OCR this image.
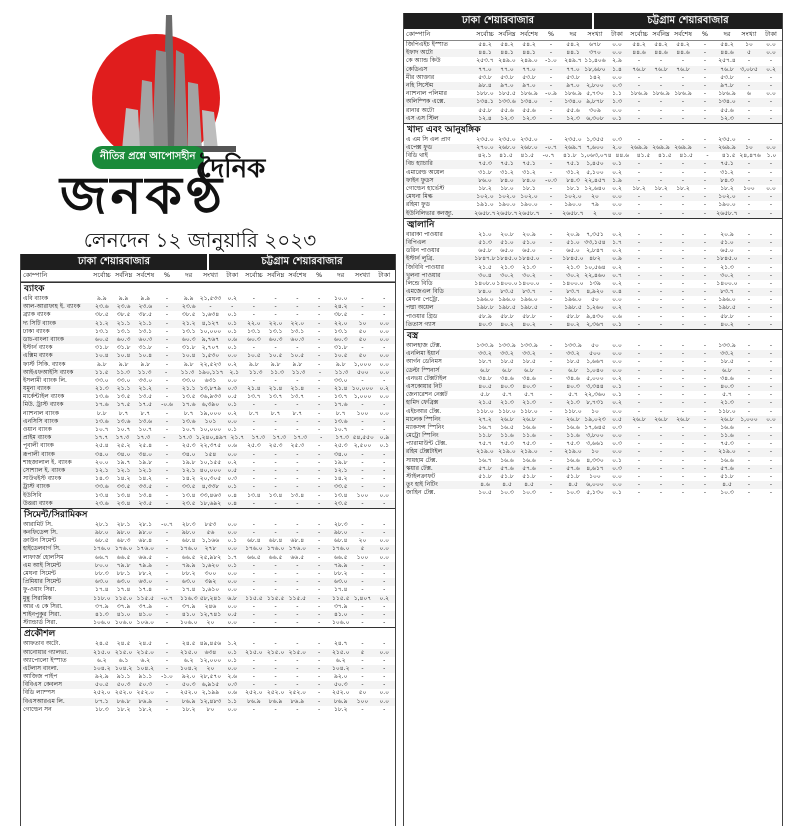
নীতির প্রশ্নে আপোসহীন দৈনিক
জনকণ্ঠ
লেনদেন ১২ জানুয়ারি ২০২৩
ঢাকা শেয়ারবাজার	চট্টগ্রাম শেয়ারবাজার
কোম্পানি	সর্বোচ্চ সর্বনিম্ন সর্বশেষ	%	দর	সংখ্যা	টাকা	সর্বোচ্চ সর্বনিম্ন সর্বশেষ	%	দর	সংখ্যা	টাকা
ব্যাংক
এবি ব্যাংক	৯.৯	৯.৯	৯.৯	-	৯.৯	২১,৫৩৩	০.২	-	-	-	-	১০.০	-	-
আল-আরাফাহ ই. ব্যাংক	২৩.৬	২৩.৬	২৩.৬	-	২৩.৬	-	-	-	-	-	-	২৪.২	-	-
ব্র্যাক ব্যাংক	৩৮.৫	৩৮.৫	৩৮.৫	-	৩৮.৫	১,৬৩৪	০.১	-	-	-	-	৩৮.৫	-	-
দ্য সিটি ব্যাংক	২১.২	২১.১	২১.১	-	২১.২	৪,১২৭	০.১	২২.০	২২.০	২২.০	-	২২.০	১০	০.০
ঢাকা ব্যাংক	১৩.১	১৩.১	১৩.১	-	১৩.১ ১০,০০০	০.১	১৩.১	১৩.১	১৩.১	-	১৩.১	৫০	০.০
ডাচ-বাংলা ব্যাংক	৬০.৫	৬০.৩	৬০.৩	-	৬০.৩	৯,৭৬৭	০.৬	৬০.৩	৬০.৩	৬০.৩	-	৬০.৩	৫০	০.০
ইস্টার্ন ব্যাংক	৩১.৮	৩১.৮	৩১.৮	-	৩১.৮	২,৭০৭	০.১	-	-	-	-	৩১.৮	-	-
এক্সিম ব্যাংক	১০.৪	১০.৪	১০.৪	-	১০.৪	১,৫৩০	০.০	১০.৫	১০.৫	১০.৫	-	১০.৫	৫০	০.০
ফার্স্ট সিকি. ব্যাংক	৯.৮	৯.৮	৯.৮	-	৯.৮	২২,৫২৩	০.২	৯.৮	৯.৮	৯.৮	-	৯.৮	১,০০০	০.০
আইএফআইসি ব্যাংক	১১.৫	১১.৩	১১.৩	-	১১.৩ ১৯০,১১৭ ২.১	১১.৩	১১.৩	১১.৩	-	১১.৩	৫০০	০.০
ইসলামী ব্যাংক লি.	৩৩.০	৩৩.০	৩৩.০	-	৩৩.০	৬৩১	০.০	-	-	-	-	৩৩.০	-	-
যমুনা ব্যাংক	২১.৩	২১.১	২১.২	-	২১.১ ১৩,৮৭৯	০.৩	২১.৪	২১.৪	২১.৪	-	২১.৪ ১০,০০০	০.২
মার্কেন্টাইল ব্যাংক	১৩.৬	১৩.৫	১৩.৫	-	১৩.৫ ৩৬,৯৩৩	০.৫	১৩.৭	১৩.৭	১৩.৭	-	১৩.৭	১,০০০	০.০
মিউ. ট্রাস্ট ব্যাংক	১৭.৬	১৭.৫	১৭.৫	-০.৬	১৭.৬	৬,৩৯০	০.১	-	-	-	-	১৭.৬	-	-
ন্যাশনাল ব্যাংক	৮.৮	৮.৭	৮.৭	-	৮.৭	১৯,০০০	০.২	৮.৭	৮.৭	৮.৭	-	৮.৭	১০০	০.০
এনসিসি ব্যাংক	১৩.৬	১৩.৬	১৩.৬	-	১৩.৬	১০১	০.০	-	-	-	-	১৩.৬	-	-
ওয়ান ব্যাংক	১০.৭	১০.৭	১০.৭	-	১০.৭ ১০,০০০	০.১	-	-	-	-	১০.৭	-	-
প্রাইম ব্যাংক	১৭.৭	১৭.৩	১৭.৩	-	১৭.৩ ১,২৪০,৪৯৭ ২১.৭	১৭.৩	১৭.৩	১৭.৩	-	১৭.৩ ৫৪,৫৫০ ০.৯
পূবালী ব্যাংক	২৫.৪	২৫.২	২৫.৪	-	২৫.৩ ২২,৩৭৫	০.৬	২৫.৩	২৫.৩	২৫.৩	-	২৫.৩	২,৫০০	০.১
রূপালী ব্যাংক	৩৪.০	৩৪.০	৩৪.০	-	৩৪.০	১৫৪	০.০	-	-	-	-	৩৪.০	-	-
শাহজালাল ই. ব্যাংক	২০.০	১৯.৭	১৯.৮	-	১৯.৮ ১০,১৫৫	০.২	-	-	-	-	১৯.৮	-	-
সোশ্যাল ই. ব্যাংক	১২.১	১২.১	১২.১	-	১২.১ ৪০,০০০	০.৫	-	-	-	-	১২.১	-	-
সাউথইস্ট ব্যাংক	১৪.৩	১৪.২	১৪.২	-	১৪.২ ২০,৩০৫	০.৩	-	-	-	-	১৪.২	-	-
ট্রাস্ট ব্যাংক	৩৩.৬	৩৩.৫	৩৩.৫	-	৩৩.৫	৪,৩৩৮	০.১	-	-	-	-	৩৩.৫	-	-
ইউসিবি	১৩.৪	১৩.৪	১৩.৪	-	১৩.৪ ৩৩,৪৬৩	০.৪	১৩.৪	১৩.৪	১৩.৪	-	১৩.৪	১০০	০.০
উত্তরা ব্যাংক	২৩.৬	২৩.৪	২৩.৫	-	২৩.৫ ১৮,৬৯২	০.৪	-	-	-	-	২৩.৫	-	-
সিমেন্ট/সিরামিকস
আরামিট সি.	২৮.১	২৮.১	২৮.১	-০.৭	২৮.৩	৮৫৩	০.০	-	-	-	-	২৮.৩	-	-
কনফিডেন্স সি.	৯৮.০	৯৮.০	৯৮.০	-	৯৮.০	৫৬	০.০	-	-	-	-	৯৮.০	-	-
ক্রাউন সিমেন্ট	৬৮.৫	৬৮.৩	৬৮.৪	-	৬৮.৪	১,১৬৬	০.১	৬৮.৪	৬৮.৪	৬৮.৪	-	৬৮.৪	২০	০.০
হাইডেলবার্গ সি.	১৭৬.০ ১৭৬.০ ১৭৬.০	-	১৭৬.০	২৭৮	০.০	১৭৬.০ ১৭৬.০ ১৭৬.০	-	১৭৬.০	৫	০.০
লাফার্জ হোলসিম	৬৬.৭	৬৬.৫	৬৬.৫	-	৬৬.৫ ২৫,৯৮২	১.৭	৬৬.৫	৬৬.৫	৬৬.৫	-	৬৬.৫	১০০	০.০
এম আই সিমেন্ট	৮০.০	৭৯.৮	৭৯.৯	-	৭৯.৯	১,৬২০	০.১	-	-	-	-	৭৯.৯	-	-
মেঘনা সিমেন্ট	৮৮.৩	৮৮.১	৮৮.২	-	৮৮.২	৩০০	০.০	-	-	-	-	৮৮.২	-	-
প্রিমিয়ার সিমেন্ট	৬৩.০	৬৩.০	৬৩.০	-	৬৩.০	৩৯২	০.০	-	-	-	-	৬৩.০	-	-
ফু-ওয়াং সিরা.	১৭.৪	১৭.৪	১৭.৪	-	১৭.৪	১,৬১০	০.০	-	-	-	-	১৭.৪	-	-
মুন্নু সিরামিক	১১৮.০ ১১৫.০ ১১৫.৫	-০.৭	১১৬.৩ ৫৮,২৪১	৬.৮	১১৫.৫ ১১৫.৫ ১১৫.৫	-	১১৫.৫ ১,৪০৭	০.২
আর এ কে সিরা.	৩৭.৯	৩৭.৯	৩৭.৯	-	৩৭.৯	২৪৬	০.০	-	-	-	-	৩৭.৯	-	-
শাইনপুকুর সিরা.	৪১.৩	৪১.০	৪১.০	-	৪১.০ ১২,৭৪১	০.৫	-	-	-	-	৪১.০	-	-
স্ট্যান্ডার্ড সিরা.	১০৬.০ ১০৬.০ ১০৬.০	-	১০৬.০	২০	০.০	-	-	-	-	১০৬.০	-	-
প্রকৌশল
আফতাব অটো.	২৪.৫	২৪.৫	২৪.৫	-	২৪.৫ ৪৯,৪৫৬	১.২	-	-	-	-	২৪.৭	-	-
আনোয়ার গ্যালভা.	২১৫.০ ২১৫.০ ২১৫.০	-	২১৫.০	৬৩৪	০.১	২১৫.০ ২১৫.০ ২১৫.০	-	২১৫.০	৫	০.০
অ্যাপোলো ইস্পাত	৬.২	৬.১	৬.২	-	৬.২	১২,০০০	০.১	-	-	-	-	৬.২	-	-
এটলাস বাংলা.	১০৪.২ ১০৪.২ ১০৪.২	-	১০৪.২	২০	০.০	-	-	-	-	১০৪.২	-	-
আজিজ পাইপ	৯২.৯	৯১.১	৯১.১	-১.০	৯২.০ ২৮,৫৭০	২.৬	-	-	-	-	৯২.০	-	-
বিবিএস কেবলস	৫০.৫	৫০.৩	৫০.৩	-	৫০.৩	৬,৯১৫	০.৩	-	-	-	-	৫০.৩	-	-
বিডি ল্যাম্পস	২৫২.০ ২৫২.০ ২৫২.০	-	২৫২.০ ২,১৯৯	০.৬	২৫২.০ ২৫২.০ ২৫২.০	-	২৫২.০	৫০	০.০
বিএসআরএম লি.	৮৭.১	৮৬.৮	৮৬.৯	-	৮৬.৯ ১২,৪৮৩	১.১	৮৬.৯	৮৬.৯	৮৬.৯	-	৮৬.৯	১০০	০.০
গোল্ডেন সন	১৮.৩	১৮.২	১৮.২	-	১৮.২	৮০	০.০	-	-	-	-	১৮.২	-	-
ঢাকা শেয়ারবাজার	চট্টগ্রাম শেয়ারবাজার
কোম্পানি	সর্বোচ্চ সর্বনিম্ন সর্বশেষ	%	দর	সংখ্যা	টাকা	সর্বোচ্চ সর্বনিম্ন সর্বশেষ	%	দর	সংখ্যা	টাকা
জিপিএইচ ইস্পাত	৫৪.২	৫৪.২	৫৪.২	-	৫৪.২	৬৭৮	০.০	৫৪.২	৫৪.২	৫৪.২	-	৫৪.২	১০	০.০
ইফাদ অটো	৪৪.১	৪৪.১	৪৪.১	-	৪৪.১	৩৭০	০.০	৪৪.৬	৪৪.৬	৪৪.৬	-	৪৪.৬	৫	০.০
কে অ্যান্ড কিউ	২৫৩.৭ ২৪৯.০ ২৪৯.০	-১.০	২৪৯.৭ ১১,৪০৬	২.৯	-	-	-	-	২৫৭.৪	-	-
কেডিএস	৭৭.০	৭৭.০	৭৭.০	-	৭৭.০ ১৮,৬৮০	১.৪	৭৬.৮	৭৬.৮	৭৬.৮	-	৭৬.৮	৩,০৮৫	০.২
মীর আক্তার	৫৩.৮	৫৩.৮	৫৩.৮	-	৫৩.৮	১৪২	০.০	-	-	-	-	৫৩.৮	-	-
নহি সিস্টেম	৯৮.৪	৯৭.০	৯৭.০	-	৯৭.০	২,৮০০	০.৩	-	-	-	-	৯৭.৮	-	-
ন্যাশনাল পলিমার	১৮৮.০ ১৮৫.৫ ১৮৬.৯	-০.৯	১৮৬.৯ ৫,৭৩০	১.১	১৮৬.৯ ১৮৬.৯ ১৮৬.৯	-	১৮৬.৯	৬	০.০
অলিম্পিক এক্সে.	১৩৪.১ ১৩৩.৬ ১৩৪.০	-	১৩৪.০ ৯,৮৭৮	১.৩	-	-	-	-	১৩৪.০	-	-
রানার অটো	৫৫.৮	৫৫.৬	৫৫.৬	-	৫৫.৬	৩০৯	০.০	-	-	-	-	৫৫.৬	-	-
এস এস স্টিল	১২.৪	১২.৩	১২.৩	-	১২.৩	৬,৩০৮	০.১	-	-	-	-	১২.৩	-	-
খাদ্য এবং আনুষঙ্গিক
এ এম সি এল প্রাণ	২৩৫.০ ২৩৫.০ ২৩৫.০	-	২৩৫.০ ১,৩৫৫	০.৩	-	-	-	-	২৩৫.০	-	-
এপেক্স ফুড	২৭০.০ ২৬৮.০ ২৬৮.০	-০.৭	২৬৯.৭ ৭,৬০০	২.০	২৬৯.৯ ২৬৯.৯ ২৬৯.৯	-	২৬৯.৯	১০	০.০
বিডি থাই	৪২.১	৪১.৫	৪১.৫	-০.৭	৪১.৮ ১,০৬৩,০৭৪ ৪৪.৬	৪১.৫	৪১.৫	৪১.৫	-	৪১.৫ ২৪,৪৭৬ ১.০
বিচ হ্যাচারি	৭৫.৩	৭৫.১	৭৫.১	-	৭৫.১	১,৪৫০	০.১	-	-	-	-	৭৫.১	-	-
এমারেল্ড অয়েল	৩১.৮	৩১.২	৩১.২	-	৩১.২	৫,১০০	০.২	-	-	-	-	৩১.২	-	-
ফাইন ফুডস	৮৬.০	৮৪.০	৮৪.০	-০.৩	৮৪.৩ ২২,৪৫৭	১.৯	-	-	-	-	৮৪.৩	-	-
গোল্ডেন হার্ভেস্ট	১৮.২	১৮.০	১৮.১	-	১৮.১ ১২,৬৪০	০.২	১৮.২	১৮.২	১৮.২	-	১৮.২	১০০	০.০
মেঘনা মিল্ক	১০২.০ ১০২.০ ১০২.০	-	১০২.০	২০	০.০	-	-	-	-	১০২.০	-	-
রহিমা ফুড	১৯১.০ ১৯০.০ ১৯০.০	-	১৯০.০	৭৯	০.০	-	-	-	-	১৯০.০	-	-
ইউনিলিভার কনজ্যু.	২৬৫৮.৭ ২৬৫৮.৭ ২৬৫৮.৭	-	২৬৫৮.৭	২	০.০	-	-	-	-	২৬৫৮.৭	-	-
জ্বালানি
বারাকা পাওয়ার	২১.০	২০.৮	২০.৯	-	২০.৯	৭,৩৫১	০.২	-	-	-	-	২০.৯	-	-
বিপিএল	৫১.৩	৫১.০	৫১.০	-	৫১.০ ৩৩,১৫৪	১.৭	-	-	-	-	৫১.০	-	-
ডরিন পাওয়ার	৬৫.৮	৬৫.০	৬৫.০	-	৬৫.০	২,৮৪৭	০.২	-	-	-	-	৬৫.০	-	-
ইস্টার্ন লুব্রি.	১৮৪৭.৮ ১৮৪৫.০ ১৮৪৫.০	-	১৮৪৫.০ ৪৮২	০.৯	-	-	-	-	১৮৪৫.০	-	-
জিবিবি পাওয়ার	২১.৫	২১.৩	২১.৩	-	২১.৩ ১০,৫৬৪	০.২	-	-	-	-	২১.৩	-	-
খুলনা পাওয়ার	৩০.৪	৩০.২	৩০.২	-	৩০.২ ২২,৪৬০	০.৭	-	-	-	-	৩০.২	-	-
লিন্ডে বিডি	১৪০৮.০ ১৪০০.০ ১৪০০.০	-	১৪০০.০ ১৩৯	০.২	-	-	-	-	১৪০০.০	-	-
এমজেএল বিডি	৮৪.০	৮৩.৫	৮৩.৭	-	৮৩.৭	৪,৯২০	০.৪	-	-	-	-	৮৩.৭	-	-
মেঘনা পেট্রো.	১৯৬.০ ১৯৬.০ ১৯৬.০	-	১৯৬.০	৫০	০.০	-	-	-	-	১৯৬.০	-	-
পদ্মা অয়েল	১৯৮.৮ ১৯৮.৫ ১৯৮.৫	-	১৯৮.৫ ১,২৬০	০.২	-	-	-	-	১৯৮.৫	-	-
পাওয়ার গ্রিড	৫৮.৯	৫৮.৮	৫৮.৮	-	৫৮.৮	৯,৪৩০	০.৬	-	-	-	-	৫৮.৮	-	-
তিতাস গ্যাস	৪০.৩	৪০.২	৪০.২	-	৪০.২	২,৩৬৭	০.১	-	-	-	-	৪০.২	-	-
বস্ত্র
আলহাজ টেক্স.	১৩৩.৯ ১৩৩.৯ ১৩৩.৯	-	১৩৩.৯	৫০	০.০	-	-	-	-	১৩৩.৯	-	-
এনলিমা ইয়ার্ন	৩৩.২	৩৩.২	৩৩.২	-	৩৩.২	৫০০	০.০	-	-	-	-	৩৩.২	-	-
আর্গন ডেনিমস	১৮.৭	১৮.৫	১৮.৫	-	১৮.৫	১,৬৬৭	০.০	-	-	-	-	১৮.৫	-	-
ডেল্টা স্পিনার্স	৬.৮	৬.৮	৬.৮	-	৬.৮	১,০৪০	০.০	-	-	-	-	৬.৮	-	-
এনভয় টেক্সটাইল	৩৪.৮	৩৪.৬	৩৪.৬	-	৩৪.৬	৫,০০০	০.২	-	-	-	-	৩৪.৬	-	-
এসকোয়ার নিট	৪০.৫	৪০.৩	৪০.৩	-	৪০.৩	৩,৩৪৪	০.১	-	-	-	-	৪০.৩	-	-
জেনারেশন নেক্সট	৫.৮	৫.৭	৫.৭	-	৫.৭	২২,৩৬০	০.১	-	-	-	-	৫.৭	-	-
হামিদ ফেব্রিক্স	২১.৫	২১.৩	২১.৩	-	২১.৩	৮,৭৩১	০.২	-	-	-	-	২১.৩	-	-
এইচআর টেক্স.	১১৮.০ ১১৮.০ ১১৮.০	-	১১৮.০	১০	০.০	-	-	-	-	১১৮.০	-	-
মালেক স্পিনিং	২৭.২	২৬.৮	২৬.৮	-	২৬.৮ ১৯,০২৩	০.৫	২৬.৮	২৬.৮	২৬.৮	-	২৬.৮	১,০০০	০.০
ম্যাকসন্স স্পিনিং	১৬.৭	১৬.৫	১৬.৬	-	১৬.৬ ১৭,৬৪৫	০.৩	-	-	-	-	১৬.৬	-	-
মেট্রো স্পিনিং	১১.৮	১১.৬	১১.৬	-	১১.৬	৩,৮০০	০.০	-	-	-	-	১১.৬	-	-
প্যারামাউন্ট টেক্স.	৭৫.৭	৭৫.৩	৭৫.৩	-	৭৫.৩	৩,৬৬১	০.৩	-	-	-	-	৭৫.৩	-	-
রহিম টেক্সটাইল	২১৯.০ ২১৯.০ ২১৯.০	-	২১৯.০	১০	০.০	-	-	-	-	২১৯.০	-	-
সায়হাম টেক্স.	১৬.৭	১৬.৬	১৬.৬	-	১৬.৬	৪,৩৩০	০.১	-	-	-	-	১৬.৬	-	-
স্কয়ার টেক্স.	৫৭.৮	৫৭.৬	৫৭.৬	-	৫৭.৬	৪,৬১৭	০.৩	-	-	-	-	৫৭.৬	-	-
স্টাইলক্রাফট	৫১.৮	৫১.৮	৫১.৮	-	৫১.৮	১০০	০.০	-	-	-	-	৫১.৮	-	-
তুং হাই নিটিং	৪.৬	৪.৫	৪.৫	-	৪.৫	৬,০০০	০.০	-	-	-	-	৪.৫	-	-
জাহিন টেক্স.	১০.৫	১০.৩	১০.৩	-	১০.৩	৫,১৩০	০.১	-	-	-	-	১০.৩	-	-
